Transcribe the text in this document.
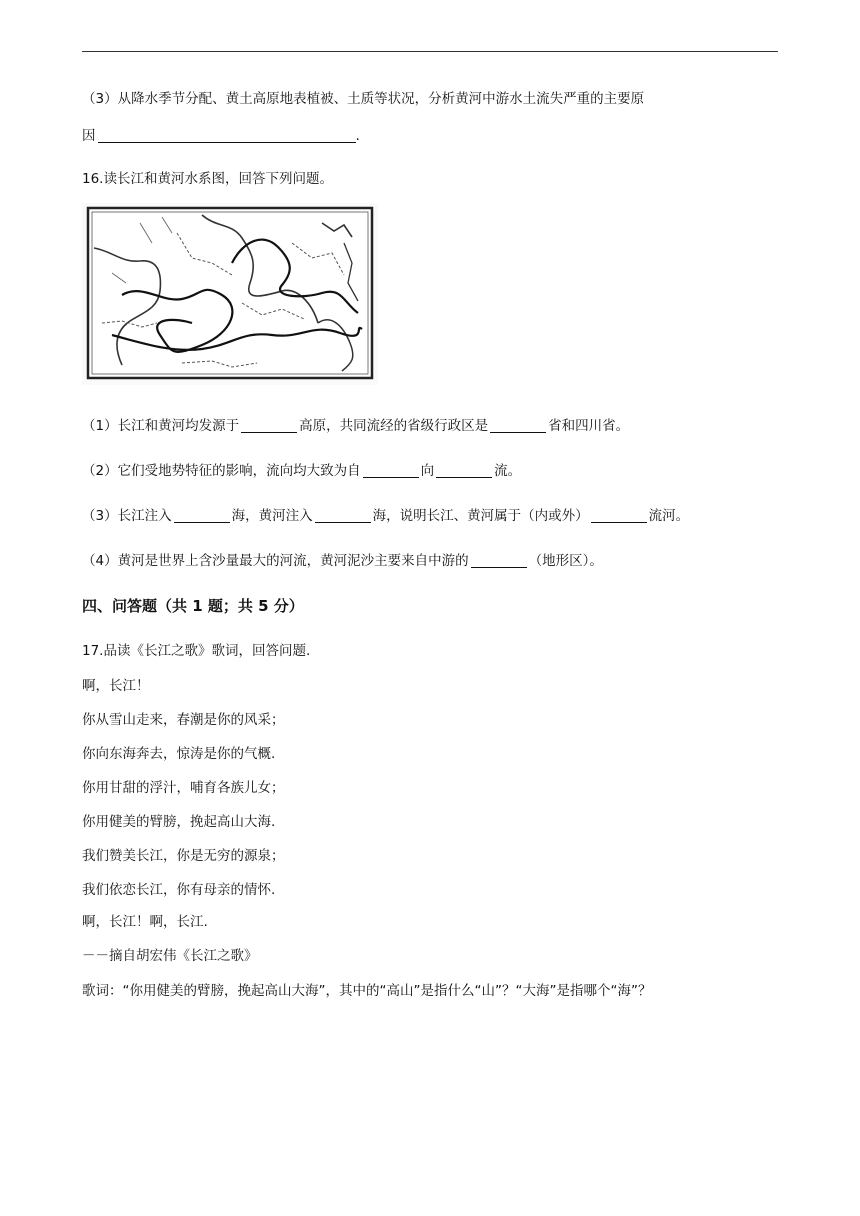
（3）从降水季节分配、黄土高原地表植被、土质等状况，分析黄河中游水土流失严重的主要原
因	.
16.读长江和黄河水系图，回答下列问题。
（1）长江和黄河均发源于	高原，共同流经的省级行政区是	省和四川省。
（2）它们受地势特征的影响，流向均大致为自	向	流。
（3）长江注入	海，黄河注入	海，说明长江、黄河属于（内或外）	流河。
（4）黄河是世界上含沙量最大的河流，黄河泥沙主要来自中游的	（地形区）。
四、问答题（共 1 题；共 5 分）
17.品读《长江之歌》歌词，回答问题.
啊，长江！
你从雪山走来，春潮是你的风采；
你向东海奔去，惊涛是你的气概.
你用甘甜的浮汁，哺育各族儿女；
你用健美的臂膀，挽起高山大海.
我们赞美长江，你是无穷的源泉；
我们依恋长江，你有母亲的情怀.
啊，长江！啊，长江.
－－摘自胡宏伟《长江之歌》
歌词：“你用健美的臂膀，挽起高山大海”，其中的“高山”是指什么“山”？“大海”是指哪个“海”？
